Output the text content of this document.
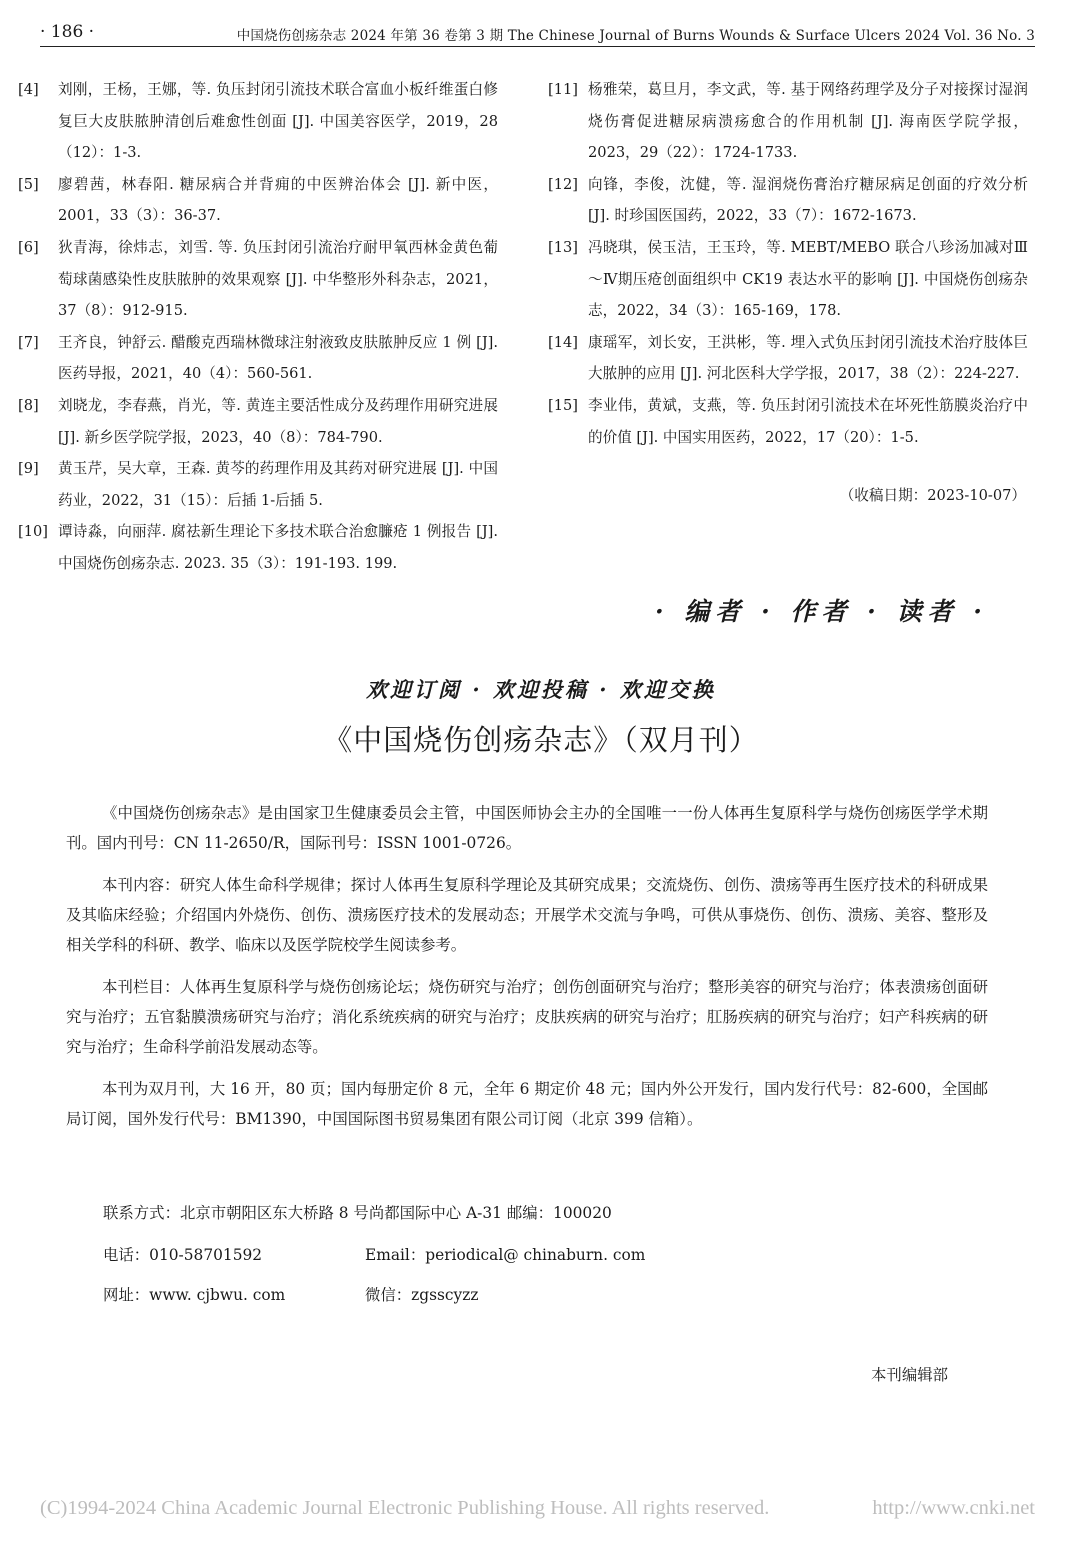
· 186 ·	中国烧伤创疡杂志 2024 年第 36 卷第 3 期 The Chinese Journal of Burns Wounds & Surface Ulcers 2024 Vol. 36 No. 3
[4]	刘刚，王杨，王娜，等. 负压封闭引流技术联合富血小板纤维蛋白修复巨大皮肤脓肿清创后难愈性创面 [J]. 中国美容医学，2019，28（12）：1-3.
[5]	廖碧茜，林春阳. 糖尿病合并背痈的中医辨治体会 [J]. 新中医，2001，33（3）：36-37.
[6]	狄青海，徐炜志，刘雪. 等. 负压封闭引流治疗耐甲氧西林金黄色葡萄球菌感染性皮肤脓肿的效果观察 [J]. 中华整形外科杂志，2021，37（8）：912-915.
[7]	王齐良，钟舒云. 醋酸克西瑞林微球注射液致皮肤脓肿反应 1 例 [J]. 医药导报，2021，40（4）：560-561.
[8]	刘晓龙，李春燕，肖光，等. 黄连主要活性成分及药理作用研究进展 [J]. 新乡医学院学报，2023，40（8）：784-790.
[9]	黄玉芹，吴大章，王森. 黄芩的药理作用及其药对研究进展 [J]. 中国药业，2022，31（15）：后插 1-后插 5.
[10] 谭诗淼，向丽萍. 腐祛新生理论下多技术联合治愈臁疮 1 例报告 [J]. 中国烧伤创疡杂志. 2023. 35（3）：191-193. 199.
[11] 杨雅荣，葛旦月，李文武，等. 基于网络药理学及分子对接探讨湿润烧伤膏促进糖尿病溃疡愈合的作用机制 [J]. 海南医学院学报，2023，29（22）：1724-1733.
[12] 向锋，李俊，沈健，等. 湿润烧伤膏治疗糖尿病足创面的疗效分析 [J]. 时珍国医国药，2022，33（7）：1672-1673.
[13] 冯晓琪，侯玉洁，王玉玲，等. MEBT/MEBO 联合八珍汤加减对Ⅲ～Ⅳ期压疮创面组织中 CK19 表达水平的影响 [J]. 中国烧伤创疡杂志，2022，34（3）：165-169，178.
[14] 康瑶军，刘长安，王洪彬，等. 埋入式负压封闭引流技术治疗肢体巨大脓肿的应用 [J]. 河北医科大学学报，2017，38（2）：224-227.
[15] 李业伟，黄斌，支燕，等. 负压封闭引流技术在坏死性筋膜炎治疗中的价值 [J]. 中国实用医药，2022，17（20）：1-5.
（收稿日期：2023-10-07）
· 编者 · 作者 · 读者 ·
欢迎订阅 · 欢迎投稿 · 欢迎交换
《中国烧伤创疡杂志》（双月刊）

《中国烧伤创疡杂志》是由国家卫生健康委员会主管，中国医师协会主办的全国唯一一份人体再生复原科学与烧伤创疡医学学术期刊。国内刊号：CN 11-2650/R，国际刊号：ISSN 1001-0726。

本刊内容：研究人体生命科学规律；探讨人体再生复原科学理论及其研究成果；交流烧伤、创伤、溃疡等再生医疗技术的科研成果及其临床经验；介绍国内外烧伤、创伤、溃疡医疗技术的发展动态；开展学术交流与争鸣，可供从事烧伤、创伤、溃疡、美容、整形及相关学科的科研、教学、临床以及医学院校学生阅读参考。

本刊栏目：人体再生复原科学与烧伤创疡论坛；烧伤研究与治疗；创伤创面研究与治疗；整形美容的研究与治疗；体表溃疡创面研究与治疗；五官黏膜溃疡研究与治疗；消化系统疾病的研究与治疗；皮肤疾病的研究与治疗；肛肠疾病的研究与治疗；妇产科疾病的研究与治疗；生命科学前沿发展动态等。

本刊为双月刊，大 16 开，80 页；国内每册定价 8 元，全年 6 期定价 48 元；国内外公开发行，国内发行代号：82-600，全国邮局订阅，国外发行代号：BM1390，中国国际图书贸易集团有限公司订阅（北京 399 信箱）。

联系方式：北京市朝阳区东大桥路 8 号尚都国际中心 A-31 邮编：100020
电话：010-58701592	Email：periodical@ chinaburn. com
网址：www. cjbwu. com	微信：zgsscyzz
本刊编辑部
(C)1994-2024 China Academic Journal Electronic Publishing House. All rights reserved.	http://www.cnki.net
